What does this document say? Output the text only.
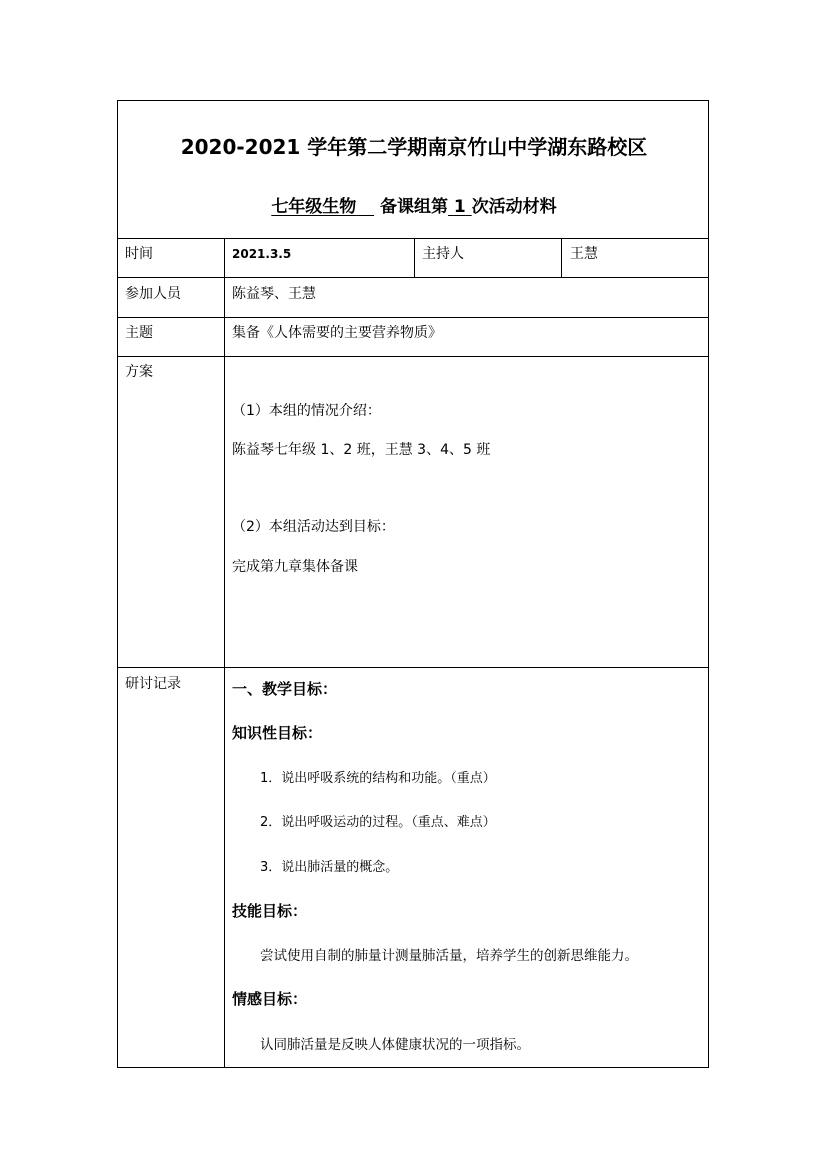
2020-2021 学年第二学期南京竹山中学湖东路校区
七年级生物 备课组第 1 次活动材料
时间	2021.3.5	主持人	王慧
参加人员	陈益琴、王慧
主题	集备《人体需要的主要营养物质》
方案
（1）本组的情况介绍：
陈益琴七年级 1、2 班，王慧 3、4、5 班
（2）本组活动达到目标：
完成第九章集体备课
研讨记录	一、教学目标：
知识性目标：
1．说出呼吸系统的结构和功能。（重点）
2．说出呼吸运动的过程。（重点、难点）
3．说出肺活量的概念。
技能目标：
尝试使用自制的肺量计测量肺活量，培养学生的创新思维能力。
情感目标：
认同肺活量是反映人体健康状况的一项指标。
